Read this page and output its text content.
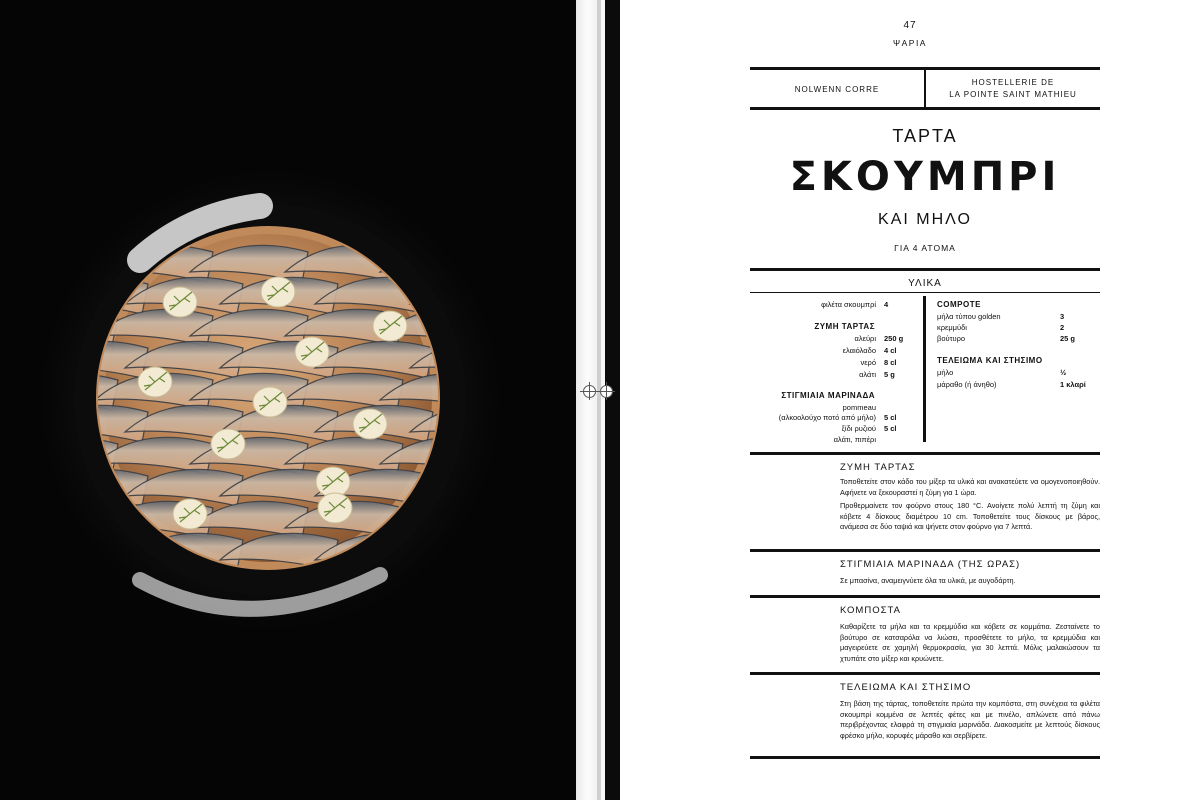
47
ΨΑΡΙΑ
NOLWENN CORRE
HOSTELLERIE DE
LA POINTE SAINT MATHIEU
ΤΑΡΤΑ
ΣΚΟΥΜΠΡΙ
ΚΑΙ ΜΗΛΟ
ΓΙΑ 4 ΑΤΟΜΑ
ΥΛΙΚΑ
φιλέτα σκουμπρί 4
ΖΥΜΗ ΤΑΡΤΑΣ
αλεύρι 250 g
ελαιόλαδο 4 cl
νερό 8 cl
αλάτι 5 g
ΣΤΙΓΜΙΑΙΑ ΜΑΡΙΝΑΔΑ
pommeau
(αλκοολούχο ποτό από μήλο) 5 cl
ξίδι ρυζιού 5 cl
αλάτι, πιπέρι
COMPOTE
μήλα τύπου golden	3
κρεμμύδι	2
βούτυρο	25 g
ΤΕΛΕΙΩΜΑ ΚΑΙ ΣΤΗΣΙΜΟ
μήλο	½
μάραθο (ή άνηθο)	1 κλαρί
ΖΥΜΗ ΤΑΡΤΑΣ

Τοποθετείτε στον κάδο του μίξερ τα υλικά και ανακατεύετε να ομογενοποιηθούν. Αφήνετε να ξεκουραστεί η ζύμη για 1 ώρα.

Προθερμαίνετε τον φούρνο στους 180 °C. Ανοίγετε πολύ λεπτή τη ζύμη και κόβετε 4 δίσκους διαμέτρου 10 cm. Τοποθετείτε τους δίσκους με βάρος, ανάμεσα σε δύο ταψιά και ψήνετε στον φούρνο για 7 λεπτά.

ΣΤΙΓΜΙΑΙΑ ΜΑΡΙΝΑΔΑ (ΤΗΣ ΩΡΑΣ)

Σε μπασίνα, αναμειγνύετε όλα τα υλικά, με αυγοδάρτη.

ΚΟΜΠΟΣΤΑ

Καθαρίζετε τα μήλα και τα κρεμμύδια και κόβετε σε κομμάτια. Ζεσταίνετε το βούτυρο σε κατσαρόλα να λιώσει, προσθέτετε το μήλο, τα κρεμμύδια και μαγειρεύετε σε χαμηλή θερμοκρασία, για 30 λεπτά. Μόλις μαλακώσουν τα χτυπάτε στο μίξερ και κρυώνετε.

ΤΕΛΕΙΩΜΑ ΚΑΙ ΣΤΗΣΙΜΟ

Στη βάση της τάρτας, τοποθετείτε πρώτα την κομπόστα, στη συνέχεια τα φιλέτα σκουμπρί κομμένα σε λεπτές φέτες και με πινέλο, απλώνετε από πάνω περιβρέχοντας ελαφρά τη στιγμιαία μαρινάδα. Διακοσμείτε με λεπτούς δίσκους φρέσκο μήλο, κορυφές μάραθο και σερβίρετε.
